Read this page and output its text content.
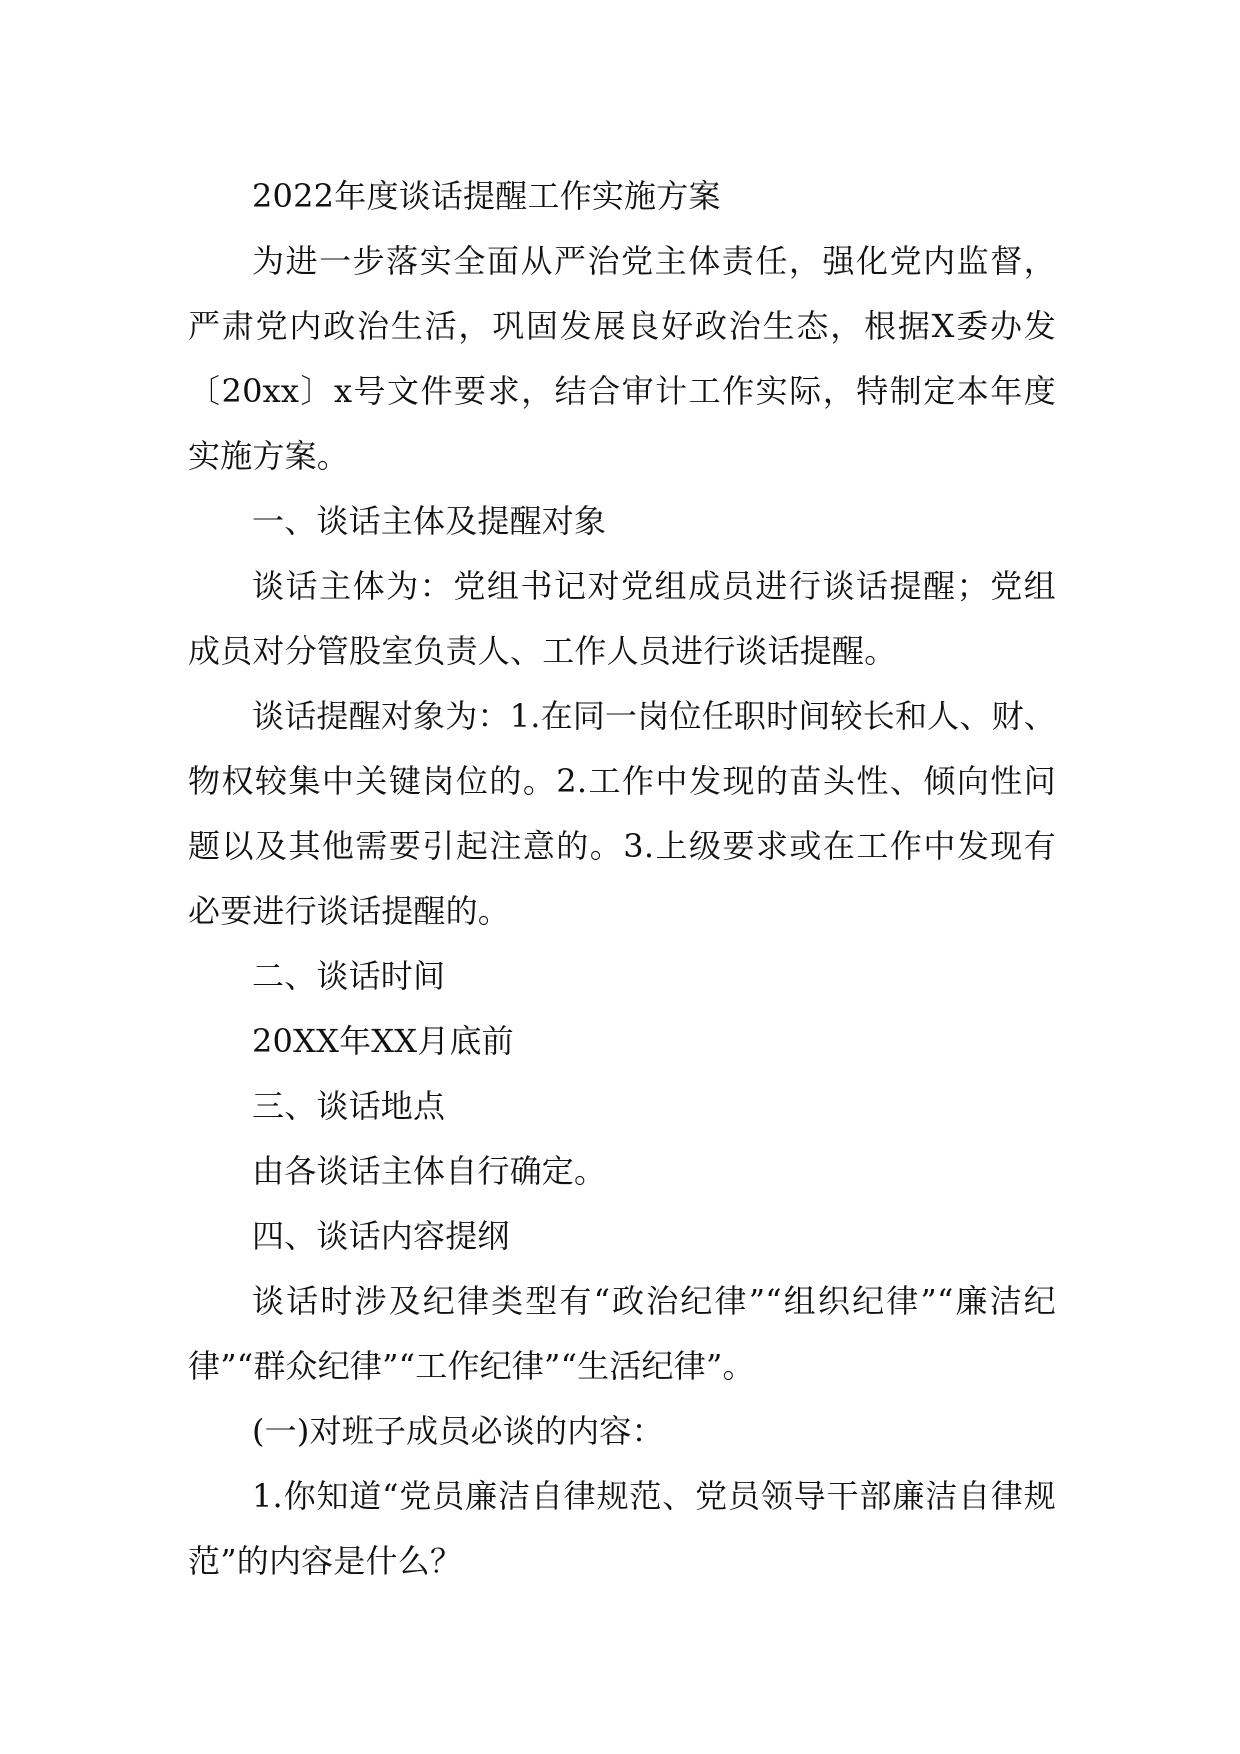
2022年度谈话提醒工作实施方案

为进一步落实全面从严治党主体责任，强化党内监督，严肃党内政治生活，巩固发展良好政治生态，根据X委办发〔20xx〕x号文件要求，结合审计工作实际，特制定本年度实施方案。

一、谈话主体及提醒对象

谈话主体为：党组书记对党组成员进行谈话提醒；党组成员对分管股室负责人、工作人员进行谈话提醒。

谈话提醒对象为：1.在同一岗位任职时间较长和人、财、物权较集中关键岗位的。2.工作中发现的苗头性、倾向性问题以及其他需要引起注意的。3.上级要求或在工作中发现有必要进行谈话提醒的。

二、谈话时间

20XX年XX月底前

三、谈话地点

由各谈话主体自行确定。

四、谈话内容提纲

谈话时涉及纪律类型有“政治纪律”“组织纪律”“廉洁纪律”“群众纪律”“工作纪律”“生活纪律”。

(一)对班子成员必谈的内容：

1.你知道“党员廉洁自律规范、党员领导干部廉洁自律规范”的内容是什么？
